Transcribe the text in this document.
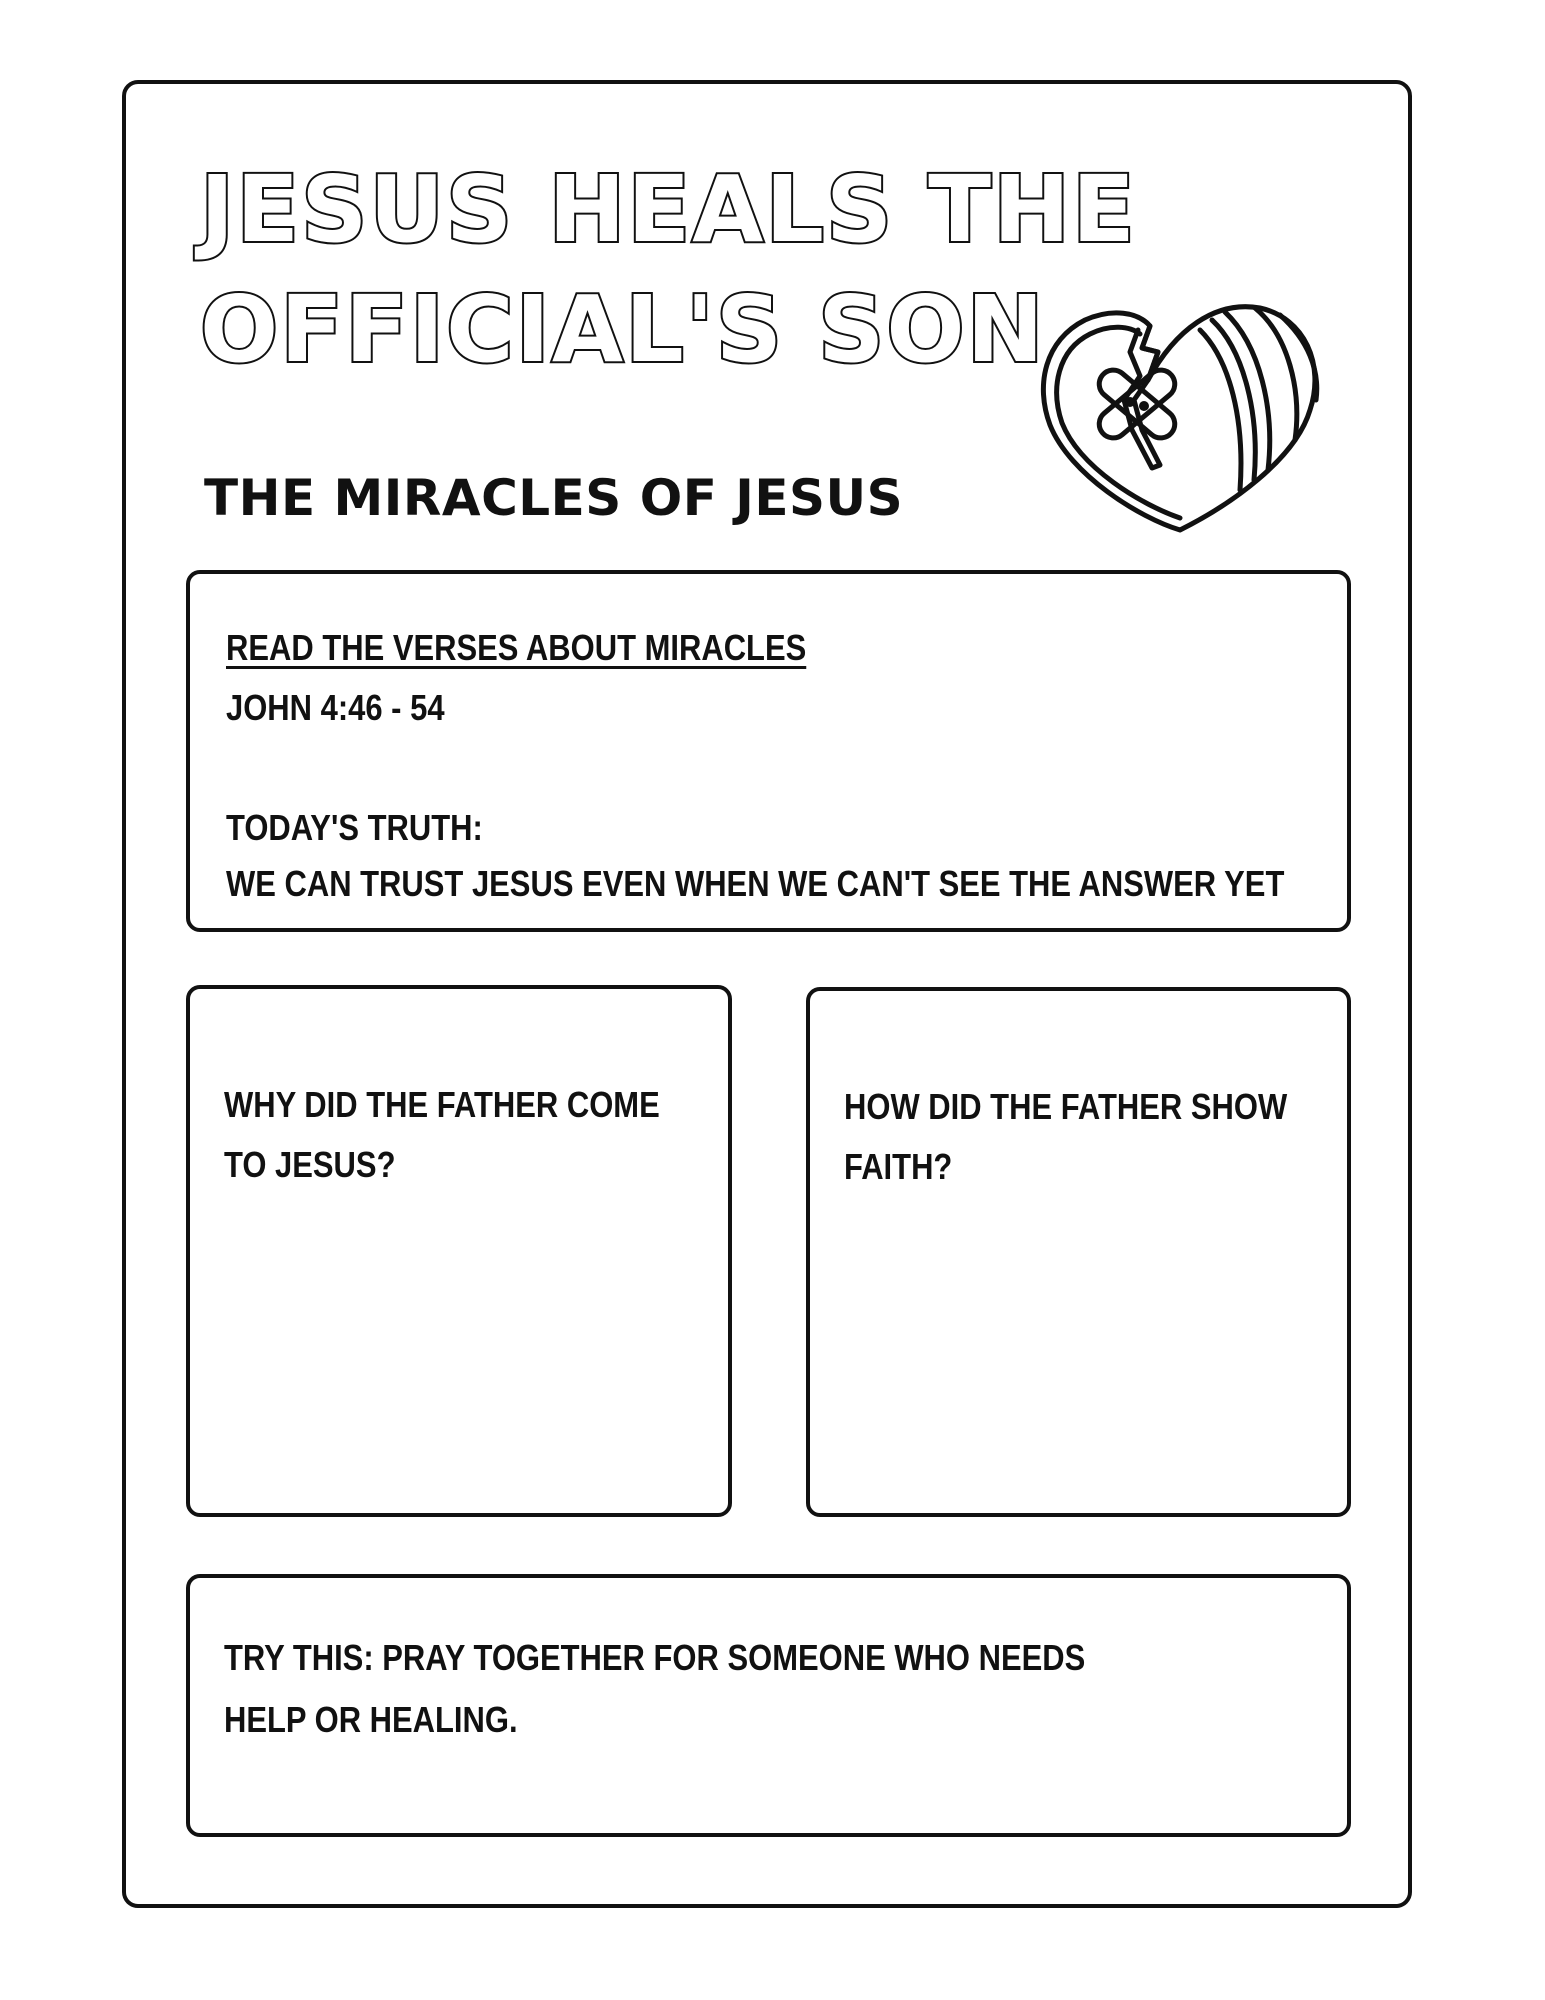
JESUS HEALS THE
OFFICIAL'S SON
THE MIRACLES OF JESUS
READ THE VERSES ABOUT MIRACLES
JOHN 4:46 - 54
TODAY'S TRUTH:
WE CAN TRUST JESUS EVEN WHEN WE CAN'T SEE THE ANSWER YET
WHY DID THE FATHER COME
TO JESUS?
HOW DID THE FATHER SHOW
FAITH?
TRY THIS: PRAY TOGETHER FOR SOMEONE WHO NEEDS
HELP OR HEALING.
